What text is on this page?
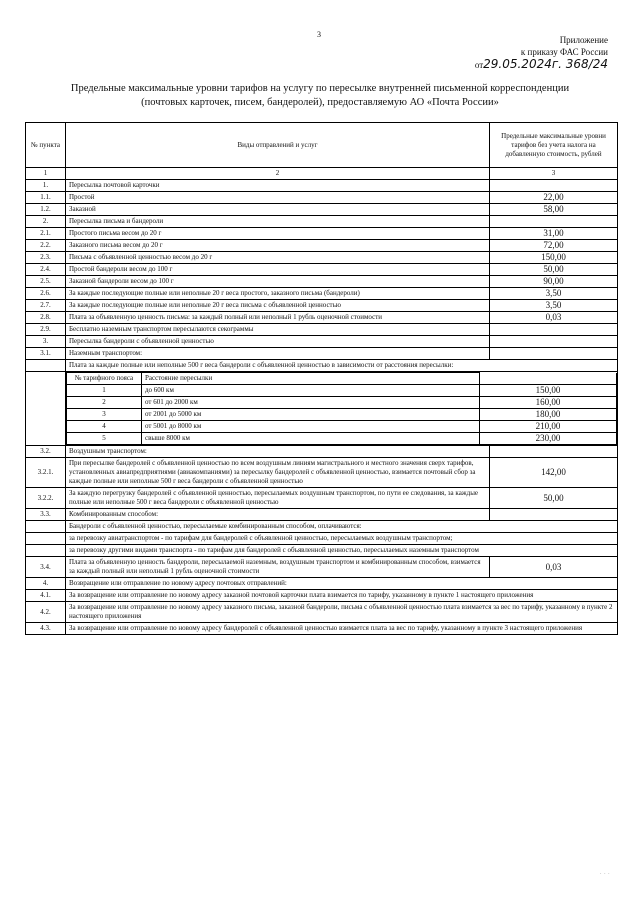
3
Приложение
к приказу ФАС России
от29.05.2024г. 368/24
Предельные максимальные уровни тарифов на услугу по пересылке внутренней письменной корреспонденции
(почтовых карточек, писем, бандеролей), предоставляемую АО «Почта России»
№ пункта	Виды отправлений и услуг	Предельные максимальные уровни тарифов без учета налога на добавленную стоимость, рублей
1	2	3
1.	Пересылка почтовой карточки	
1.1.	Простой	22,00
1.2.	Заказной	58,00
2.	Пересылка письма и бандероли	
2.1.	Простого письма весом до 20 г	31,00
2.2.	Заказного письма весом до 20 г	72,00
2.3.	Письма с объявленной ценностью весом до 20 г	150,00
2.4.	Простой бандероли весом до 100 г	50,00
2.5.	Заказной бандероли весом до 100 г	90,00
2.6.	За каждые последующие полные или неполные 20 г веса простого, заказного письма (бандероли)	3,50
2.7.	За каждые последующие полные или неполные 20 г веса письма с объявленной ценностью	3,50
2.8.	Плата за объявленную ценность письма: за каждый полный или неполный 1 рубль оценочной стоимости	0,03
2.9.	Бесплатно наземным транспортом пересылаются секограммы	
3.	Пересылка бандероли с объявленной ценностью	
3.1.	Наземным транспортом:	
	Плата за каждые полные или неполные 500 г веса бандероли с объявленной ценностью в зависимости от расстояния пересылки:

№ тарифного пояса	Расстояние пересылки	
1	до 600 км	150,00
2	от 601 до 2000 км	160,00
3	от 2001 до 5000 км	180,00
4	от 5001 до 8000 км	210,00
5	свыше 8000 км	230,00

3.2.	Воздушным транспортом:	
3.2.1.	При пересылке бандеролей с объявленной ценностью по всем воздушным линиям магистрального и местного значения сверх тарифов, установленных авиапредприятиями (авиакомпаниями) за пересылку бандеролей с объявленной ценностью, взимается почтовый сбор за каждые полные или неполные 500 г веса бандероли с объявленной ценностью	142,00
3.2.2.	За каждую перегрузку бандеролей с объявленной ценностью, пересылаемых воздушным транспортом, по пути ее следования, за каждые полные или неполные 500 г веса бандероли с объявленной ценностью	50,00
3.3.	Комбинированным способом:	
	Бандероли с объявленной ценностью, пересылаемые комбинированным способом, оплачиваются:
	за перевозку авиатранспортом - по тарифам для бандеролей с объявленной ценностью, пересылаемых воздушным транспортом;
	за перевозку другими видами транспорта - по тарифам для бандеролей с объявленной ценностью, пересылаемых наземным транспортом
3.4.	Плата за объявленную ценность бандероли, пересылаемой наземным, воздушным транспортом и комбинированным способом, взимается за каждый полный или неполный 1 рубль оценочной стоимости	0,03
4.	Возвращение или отправление по новому адресу почтовых отправлений:
4.1.	За возвращение или отправление по новому адресу заказной почтовой карточки плата взимается по тарифу, указанному в пункте 1 настоящего приложения
4.2.	За возвращение или отправление по новому адресу заказного письма, заказной бандероли, письма с объявленной ценностью плата взимается за вес по тарифу, указанному в пункте 2 настоящего приложения
4.3.	За возвращение или отправление по новому адресу бандеролей с объявленной ценностью взимается плата за вес по тарифу, указанному в пункте 3 настоящего приложения
· · ·
